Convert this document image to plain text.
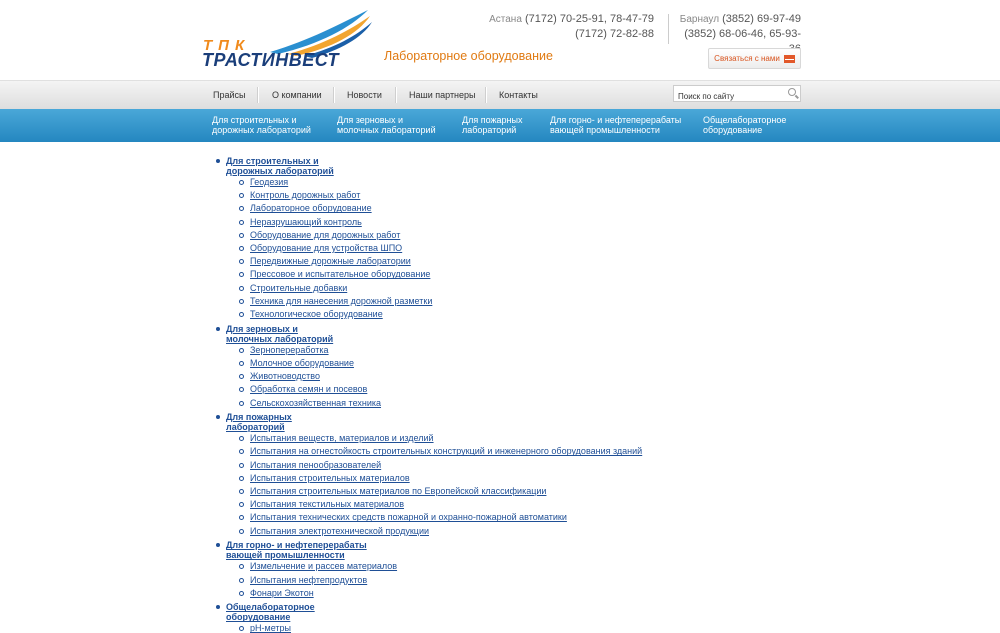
ТПК
ТРАСТИНВЕСТ	Лабораторное оборудование
Астана (7172) 70-25-91, 78-47-79
(7172) 72-82-88
Барнаул (3852) 69-97-49
(3852) 68-06-46, 65-93-
Связаться с нами
Прайсы	О компании	Новости	Наши партнеры	Контакты
Поиск по сайту
Для строительных и
дорожных лабораторий
Для зерновых и
молочных лабораторий
Для пожарных
лабораторий
Для горно- и нефтеперерабаты
вающей промышленности
Общелабораторное
оборудование
Для строительных и
дорожных лабораторий
Геодезия
Контроль дорожных работ
Лабораторное оборудование
Неразрушающий контроль
Оборудование для дорожных работ
Оборудование для устройства ШПО
Передвижные дорожные лаборатории
Прессовое и испытательное оборудование
Строительные добавки
Техника для нанесения дорожной разметки
Технологическое оборудование
Для зерновых и
молочных лабораторий
Зернопереработка
Молочное оборудование
Животноводство
Обработка семян и посевов
Сельскохозяйственная техника
Для пожарных
лабораторий
Испытания веществ, материалов и изделий
Испытания на огнестойкость строительных конструкций и инженерного оборудования зданий
Испытания пенообразователей
Испытания строительных материалов
Испытания строительных материалов по Европейской классификации
Испытания текстильных материалов
Испытания технических средств пожарной и охранно-пожарной автоматики
Испытания электротехнической продукции
Для горно- и нефтеперерабаты
вающей промышленности
Измельчение и рассев материалов
Испытания нефтепродуктов
Фонари Экотон
Общелабораторное
оборудование
pH-метры
